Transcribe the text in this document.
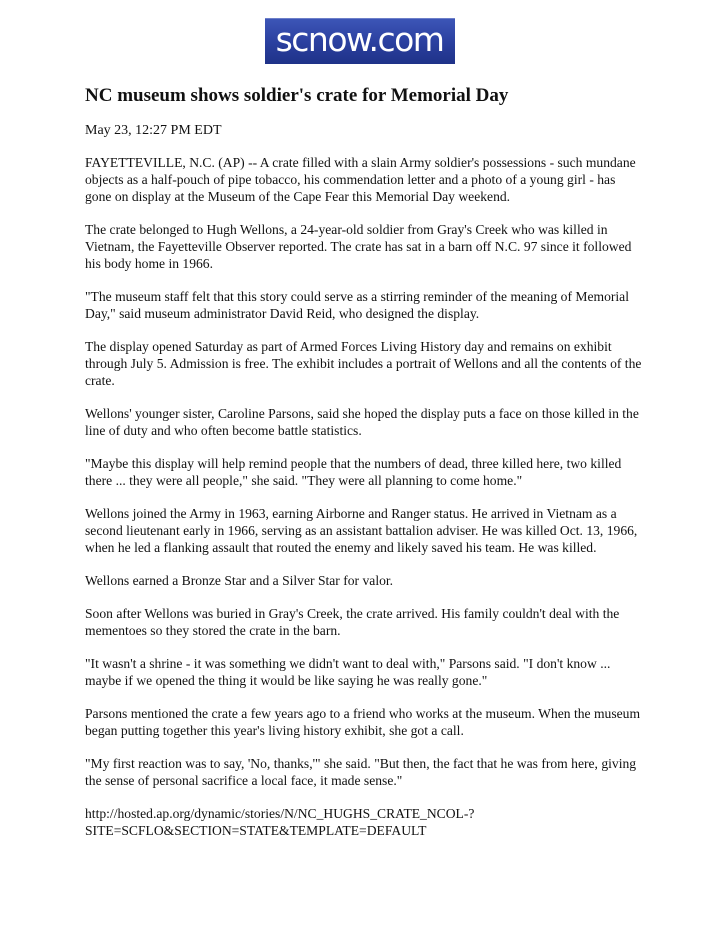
scnow.com
NC museum shows soldier's crate for Memorial Day

May 23, 12:27 PM EDT

FAYETTEVILLE, N.C. (AP) -- A crate filled with a slain Army soldier's possessions - such mundane objects as a half-pouch of pipe tobacco, his commendation letter and a photo of a young girl - has gone on display at the Museum of the Cape Fear this Memorial Day weekend.

The crate belonged to Hugh Wellons, a 24-year-old soldier from Gray's Creek who was killed in Vietnam, the Fayetteville Observer reported. The crate has sat in a barn off N.C. 97 since it followed his body home in 1966.

"The museum staff felt that this story could serve as a stirring reminder of the meaning of Memorial Day," said museum administrator David Reid, who designed the display.

The display opened Saturday as part of Armed Forces Living History day and remains on exhibit through July 5. Admission is free. The exhibit includes a portrait of Wellons and all the contents of the crate.

Wellons' younger sister, Caroline Parsons, said she hoped the display puts a face on those killed in the line of duty and who often become battle statistics.

"Maybe this display will help remind people that the numbers of dead, three killed here, two killed there ... they were all people," she said. "They were all planning to come home."

Wellons joined the Army in 1963, earning Airborne and Ranger status. He arrived in Vietnam as a second lieutenant early in 1966, serving as an assistant battalion adviser. He was killed Oct. 13, 1966, when he led a flanking assault that routed the enemy and likely saved his team. He was killed.

Wellons earned a Bronze Star and a Silver Star for valor.

Soon after Wellons was buried in Gray's Creek, the crate arrived. His family couldn't deal with the mementoes so they stored the crate in the barn.

"It wasn't a shrine - it was something we didn't want to deal with," Parsons said. "I don't know ... maybe if we opened the thing it would be like saying he was really gone."

Parsons mentioned the crate a few years ago to a friend who works at the museum. When the museum began putting together this year's living history exhibit, she got a call.

"My first reaction was to say, 'No, thanks,'" she said. "But then, the fact that he was from here, giving the sense of personal sacrifice a local face, it made sense."

http://hosted.ap.org/dynamic/stories/N/NC_HUGHS_CRATE_NCOL-?
SITE=SCFLO&SECTION=STATE&TEMPLATE=DEFAULT
